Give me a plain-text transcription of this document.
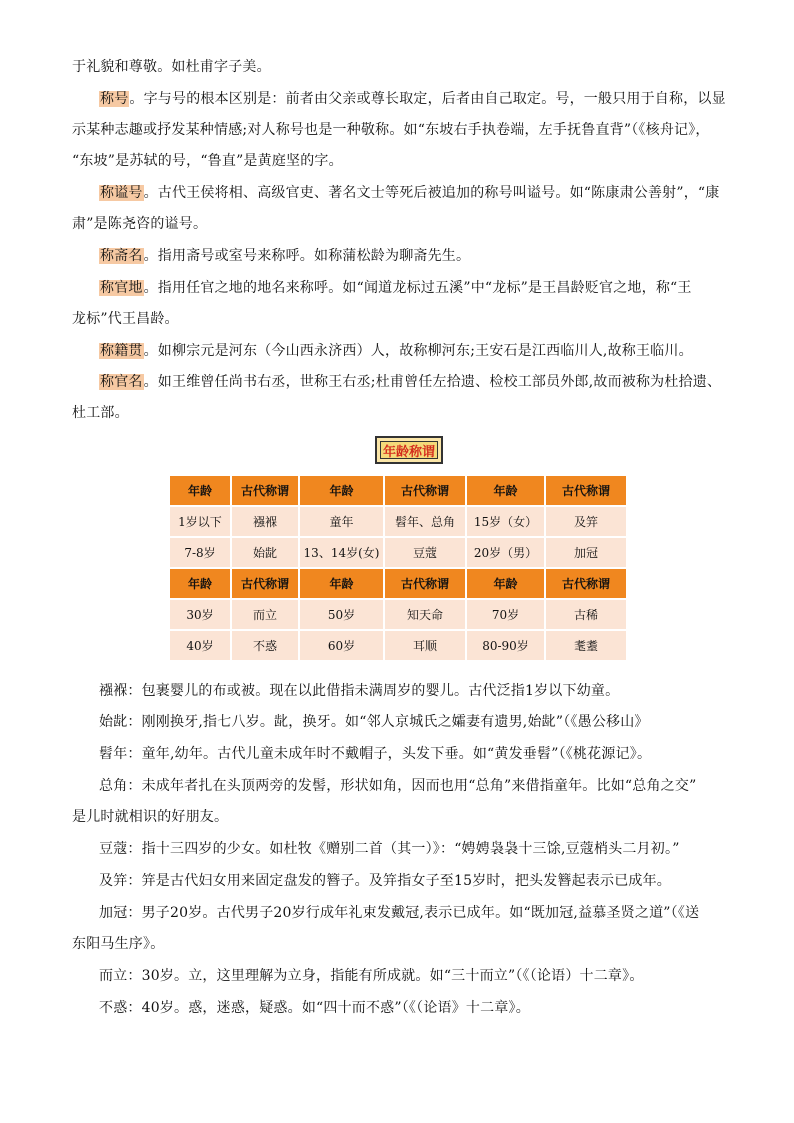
于礼貌和尊敬。如杜甫字子美。
称号。字与号的根本区别是：前者由父亲或尊长取定，后者由自己取定。号，一般只用于自称，以显
示某种志趣或抒发某种情感;对人称号也是一种敬称。如“东坡右手执卷端，左手抚鲁直背”（《核舟记》，
“东坡”是苏轼的号，“鲁直”是黄庭坚的字。
称谥号。古代王侯将相、高级官吏、著名文士等死后被追加的称号叫谥号。如“陈康肃公善射”，“康
肃”是陈尧咨的谥号。
称斋名。指用斋号或室号来称呼。如称蒲松龄为聊斋先生。
称官地。指用任官之地的地名来称呼。如“闻道龙标过五溪”中“龙标”是王昌龄贬官之地，称“王
龙标”代王昌龄。
称籍贯。如柳宗元是河东（今山西永济西）人，故称柳河东;王安石是江西临川人,故称王临川。
称官名。如王维曾任尚书右丞，世称王右丞;杜甫曾任左拾遗、检校工部员外郎,故而被称为杜拾遗、
杜工部。
年龄称谓
年龄	古代称谓	年龄	古代称谓	年龄	古代称谓
1岁以下	襁褓	童年	髫年、总角	15岁（女）	及笄
7-8岁	始龀	13、14岁(女)	豆蔻	20岁（男）	加冠
年龄	古代称谓	年龄	古代称谓	年龄	古代称谓
30岁	而立	50岁	知天命	70岁	古稀
40岁	不惑	60岁	耳顺	80-90岁	耄耋
襁褓：包裹婴儿的布或被。现在以此借指未满周岁的婴儿。古代泛指1岁以下幼童。
始龀：刚刚换牙,指七八岁。龀，换牙。如“邻人京城氏之孀妻有遗男,始龀”（《愚公移山》
髫年：童年,幼年。古代儿童未成年时不戴帽子，头发下垂。如“黄发垂髫”（《桃花源记》。
总角：未成年者扎在头顶两旁的发髻，形状如角，因而也用“总角”来借指童年。比如“总角之交”
是儿时就相识的好朋友。
豆蔻：指十三四岁的少女。如杜牧《赠别二首（其一）》：“娉娉袅袅十三馀,豆蔻梢头二月初。”
及笄：笄是古代妇女用来固定盘发的簪子。及笄指女子至15岁时，把头发簪起表示已成年。
加冠：男子20岁。古代男子20岁行成年礼束发戴冠,表示已成年。如“既加冠,益慕圣贤之道”（《送
东阳马生序》。
而立：30岁。立，这里理解为立身，指能有所成就。如“三十而立”（《（论语）十二章》。
不惑：40岁。惑，迷惑，疑惑。如“四十而不惑”（《（论语》十二章》。
